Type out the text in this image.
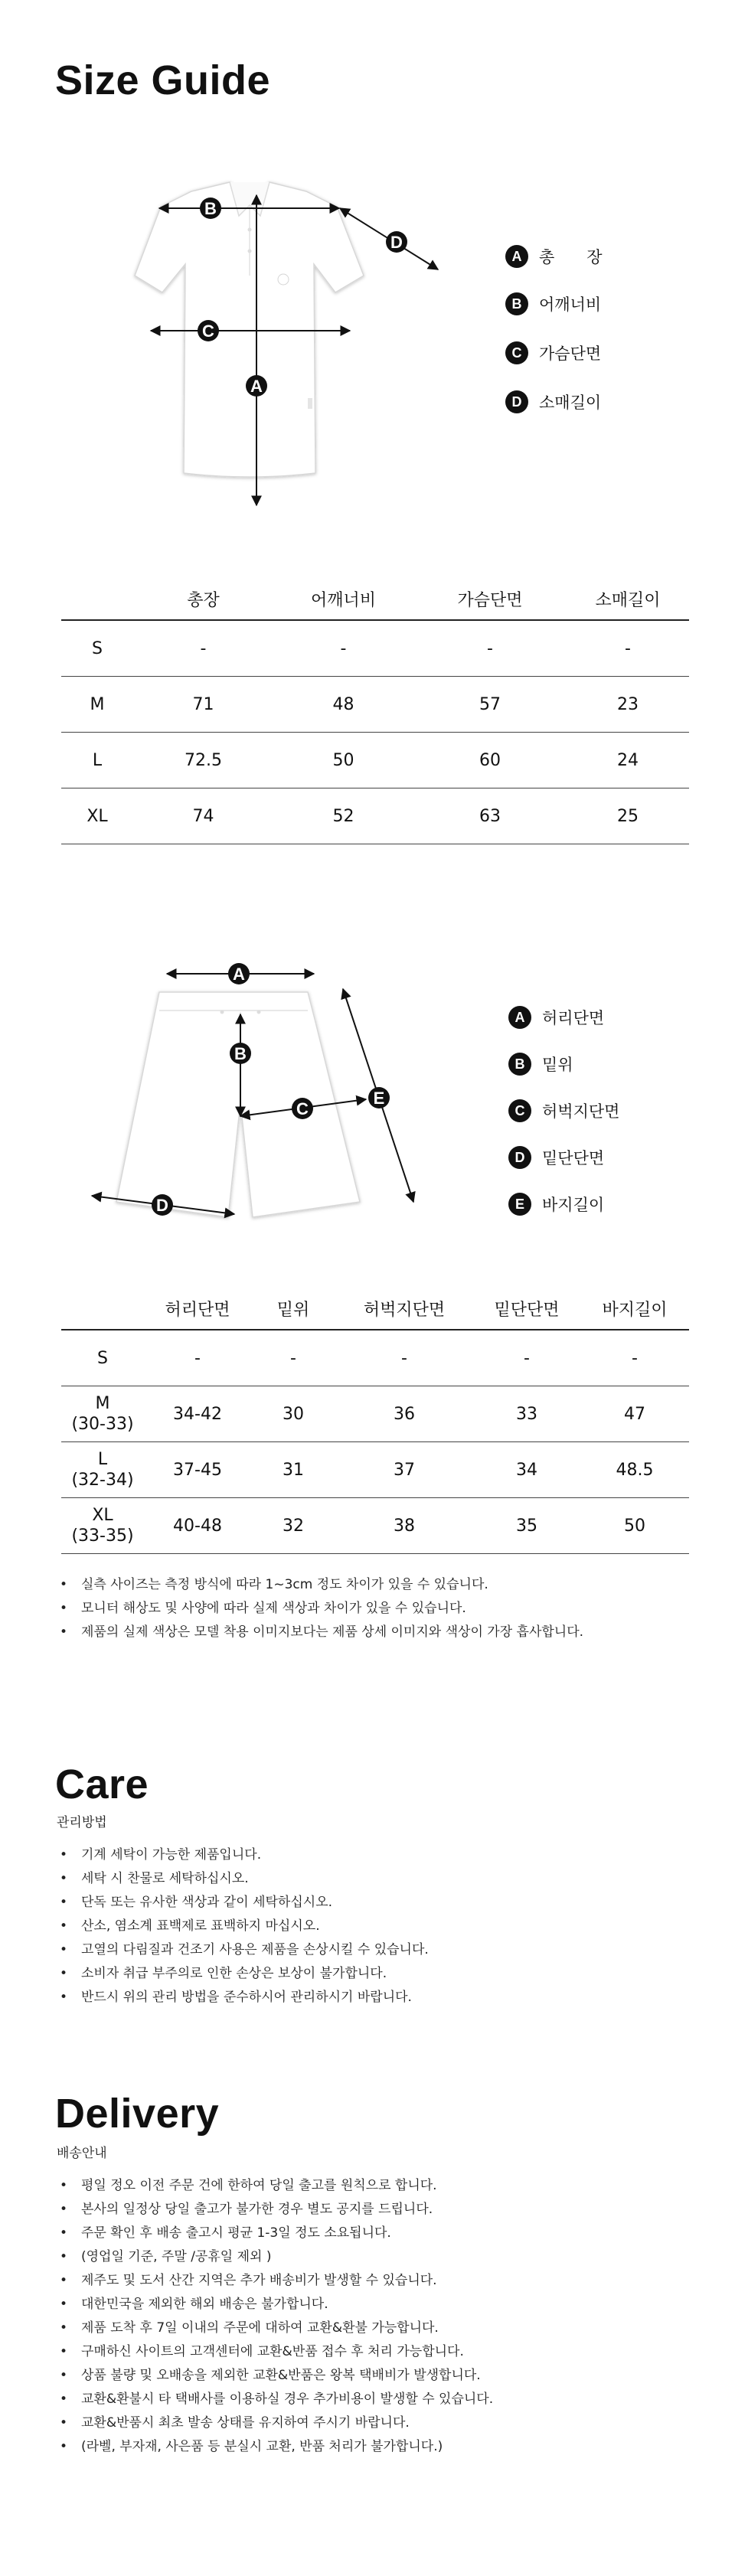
Size Guide
A
B
C
D
A	총　　장
B	어깨너비
C	가슴단면
D	소매길이
	총장	어깨너비	가슴단면	소매길이
S	-	-	-	-
M	71	48	57	23
L	72.5	50	60	24
XL	74	52	63	25
A
B
C
D
E
A	허리단면
B	밑위
C	허벅지단면
D	밑단단면
E	바지길이
	허리단면	밑위	허벅지단면	밑단단면	바지길이
S	-	-	-	-	-
M
(30-33)	34-42	30	36	33	47
L
(32-34)	37-45	31	37	34	48.5
XL
(33-35)	40-48	32	38	35	50
• 실측 사이즈는 측정 방식에 따라 1~3cm 정도 차이가 있을 수 있습니다.
• 모니터 해상도 및 사양에 따라 실제 색상과 차이가 있을 수 있습니다.
• 제품의 실제 색상은 모델 착용 이미지보다는 제품 상세 이미지와 색상이 가장 흡사합니다.
Care
관리방법
• 기계 세탁이 가능한 제품입니다.
• 세탁 시 찬물로 세탁하십시오.
• 단독 또는 유사한 색상과 같이 세탁하십시오.
• 산소, 염소계 표백제로 표백하지 마십시오.
• 고열의 다림질과 건조기 사용은 제품을 손상시킬 수 있습니다.
• 소비자 취급 부주의로 인한 손상은 보상이 불가합니다.
• 반드시 위의 관리 방법을 준수하시어 관리하시기 바랍니다.
Delivery
배송안내
• 평일 정오 이전 주문 건에 한하여 당일 출고를 원칙으로 합니다.
• 본사의 일정상 당일 출고가 불가한 경우 별도 공지를 드립니다.
• 주문 확인 후 배송 출고시 평균 1-3일 정도 소요됩니다.
• (영업일 기준, 주말 /공휴일 제외 )
• 제주도 및 도서 산간 지역은 추가 배송비가 발생할 수 있습니다.
• 대한민국을 제외한 해외 배송은 불가합니다.
• 제품 도착 후 7일 이내의 주문에 대하여 교환&환불 가능합니다.
• 구매하신 사이트의 고객센터에 교환&반품 접수 후 처리 가능합니다.
• 상품 불량 및 오배송을 제외한 교환&반품은 왕복 택배비가 발생합니다.
• 교환&환불시 타 택배사를 이용하실 경우 추가비용이 발생할 수 있습니다.
• 교환&반품시 최초 발송 상태를 유지하여 주시기 바랍니다.
• (라벨, 부자재, 사은품 등 분실시 교환, 반품 처리가 불가합니다.)
